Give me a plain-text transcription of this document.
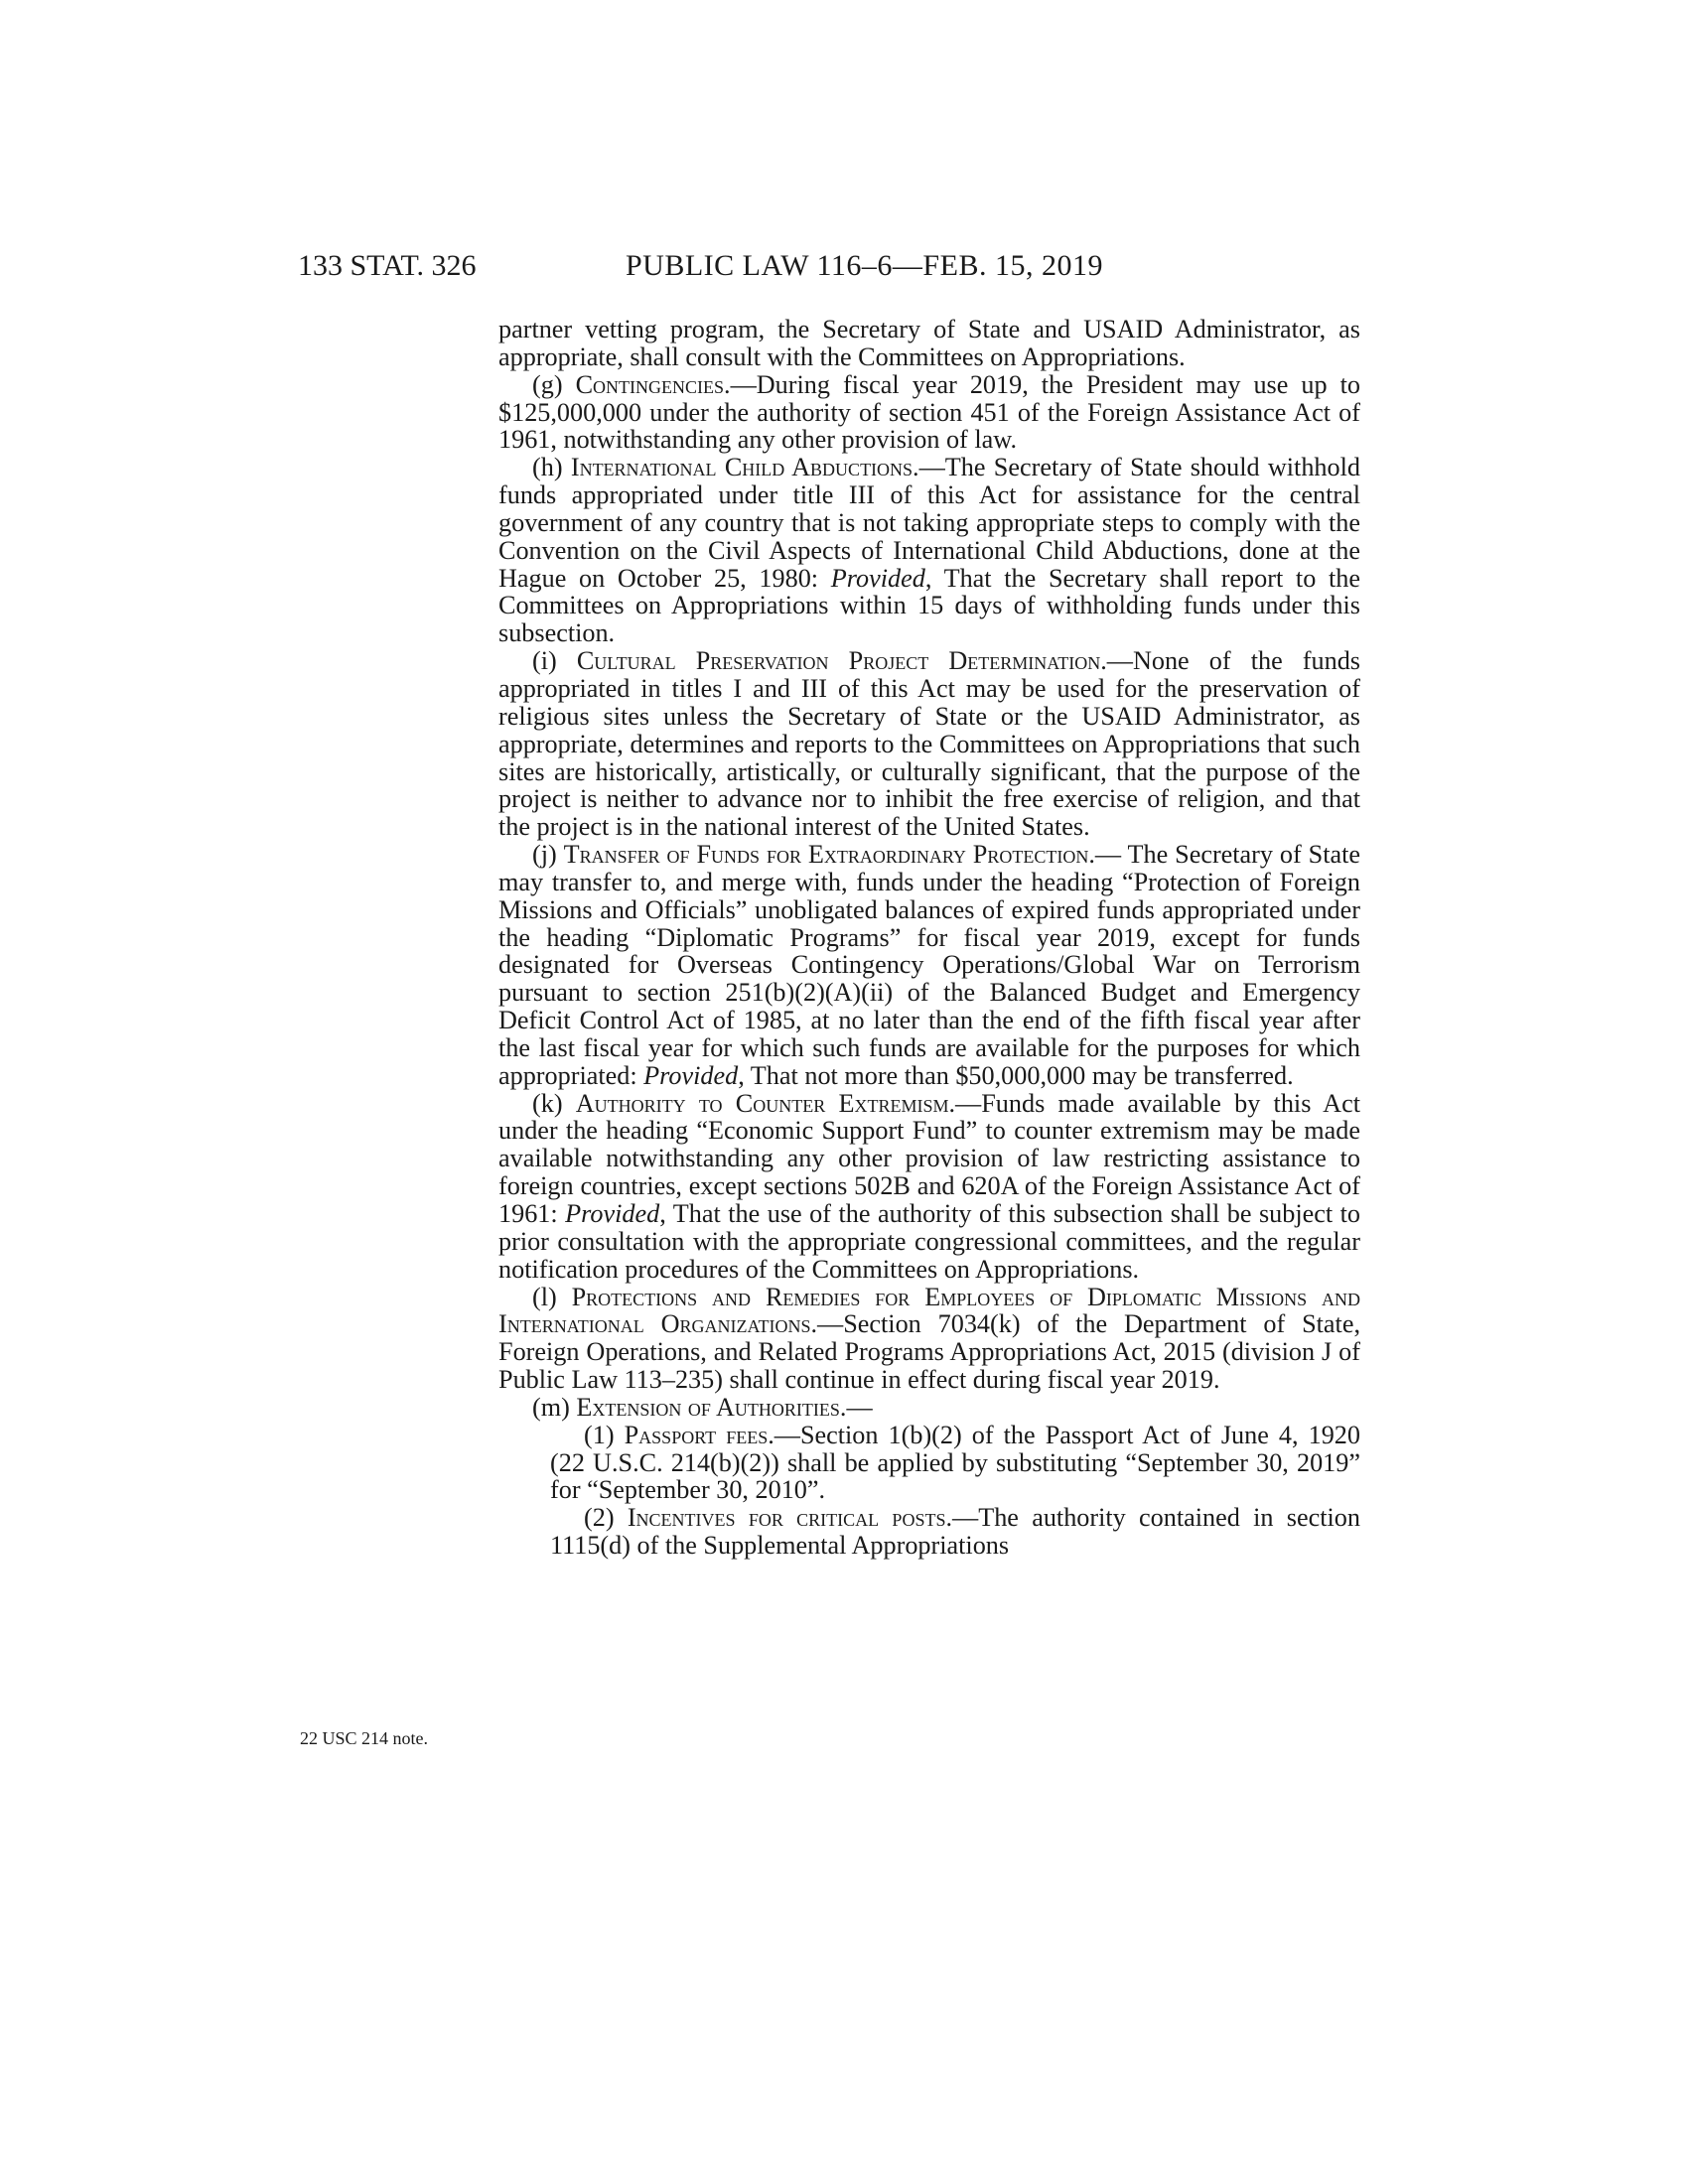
133 STAT. 326	PUBLIC LAW 116–6—FEB. 15, 2019
22 USC 214 note.

partner vetting program, the Secretary of State and USAID Administrator, as appropriate, shall consult with the Committees on Appropriations.

(g) Contingencies.—During fiscal year 2019, the President may use up to $125,000,000 under the authority of section 451 of the Foreign Assistance Act of 1961, notwithstanding any other provision of law.

(h) International Child Abductions.—The Secretary of State should withhold funds appropriated under title III of this Act for assistance for the central government of any country that is not taking appropriate steps to comply with the Convention on the Civil Aspects of International Child Abductions, done at the Hague on October 25, 1980: Provided, That the Secretary shall report to the Committees on Appropriations within 15 days of withholding funds under this subsection.

(i) Cultural Preservation Project Determination.—None of the funds appropriated in titles I and III of this Act may be used for the preservation of religious sites unless the Secretary of State or the USAID Administrator, as appropriate, determines and reports to the Committees on Appropriations that such sites are historically, artistically, or culturally significant, that the purpose of the project is neither to advance nor to inhibit the free exercise of religion, and that the project is in the national interest of the United States.

(j) Transfer of Funds for Extraordinary Protection.— The Secretary of State may transfer to, and merge with, funds under the heading “Protection of Foreign Missions and Officials” unobligated balances of expired funds appropriated under the heading “Diplomatic Programs” for fiscal year 2019, except for funds designated for Overseas Contingency Operations/Global War on Terrorism pursuant to section 251(b)(2)(A)(ii) of the Balanced Budget and Emergency Deficit Control Act of 1985, at no later than the end of the fifth fiscal year after the last fiscal year for which such funds are available for the purposes for which appropriated: Provided, That not more than $50,000,000 may be transferred.

(k) Authority to Counter Extremism.—Funds made available by this Act under the heading “Economic Support Fund” to counter extremism may be made available notwithstanding any other provision of law restricting assistance to foreign countries, except sections 502B and 620A of the Foreign Assistance Act of 1961: Provided, That the use of the authority of this subsection shall be subject to prior consultation with the appropriate congressional committees, and the regular notification procedures of the Committees on Appropriations.

(l) Protections and Remedies for Employees of Diplomatic Missions and International Organizations.—Section 7034(k) of the Department of State, Foreign Operations, and Related Programs Appropriations Act, 2015 (division J of Public Law 113–235) shall continue in effect during fiscal year 2019.

(m) Extension of Authorities.—

(1) Passport fees.—Section 1(b)(2) of the Passport Act of June 4, 1920 (22 U.S.C. 214(b)(2)) shall be applied by substituting “September 30, 2019” for “September 30, 2010”.

(2) Incentives for critical posts.—The authority contained in section 1115(d) of the Supplemental Appropriations
